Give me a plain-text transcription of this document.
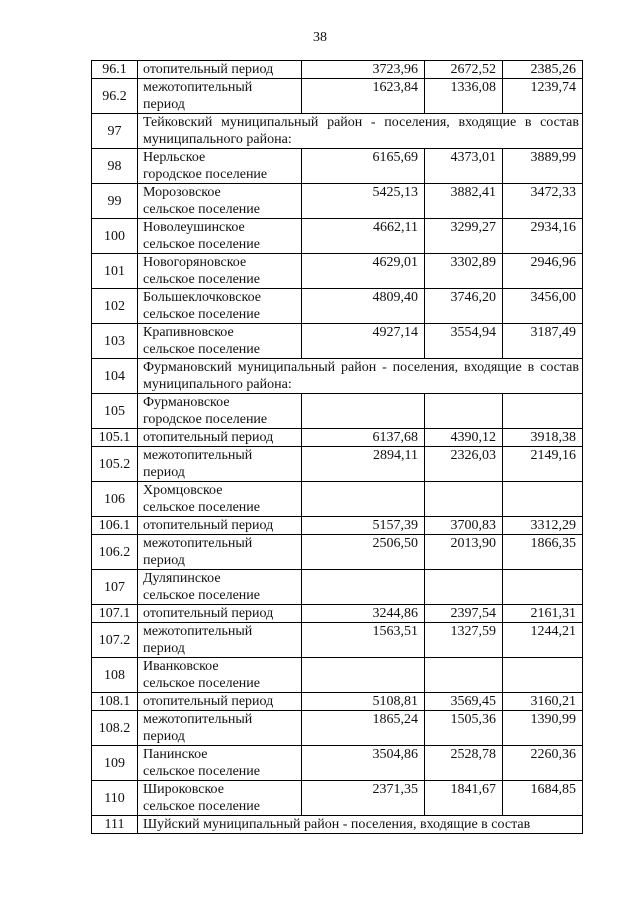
38
96.1	отопительный период	3723,96	2672,52	2385,26
96.2	межотопительный
период	1623,84	1336,08	1239,74
97	Тейковский муниципальный район - поселения, входящие в состав муниципального района:			
98	Нерльское
городское поселение	6165,69	4373,01	3889,99
99	Морозовское
сельское поселение	5425,13	3882,41	3472,33
100	Новолеушинское
сельское поселение	4662,11	3299,27	2934,16
101	Новогоряновское
сельское поселение	4629,01	3302,89	2946,96
102	Большеклочковское
сельское поселение	4809,40	3746,20	3456,00
103	Крапивновское
сельское поселение	4927,14	3554,94	3187,49
104	Фурмановский муниципальный район - поселения, входящие в состав муниципального района:			
105	Фурмановское
городское поселение			
105.1	отопительный период	6137,68	4390,12	3918,38
105.2	межотопительный
период	2894,11	2326,03	2149,16
106	Хромцовское
сельское поселение			
106.1	отопительный период	5157,39	3700,83	3312,29
106.2	межотопительный
период	2506,50	2013,90	1866,35
107	Дуляпинское
сельское поселение			
107.1	отопительный период	3244,86	2397,54	2161,31
107.2	межотопительный
период	1563,51	1327,59	1244,21
108	Иванковское
сельское поселение			
108.1	отопительный период	5108,81	3569,45	3160,21
108.2	межотопительный
период	1865,24	1505,36	1390,99
109	Панинское
сельское поселение	3504,86	2528,78	2260,36
110	Широковское
сельское поселение	2371,35	1841,67	1684,85
111	Шуйский муниципальный район - поселения, входящие в состав			
